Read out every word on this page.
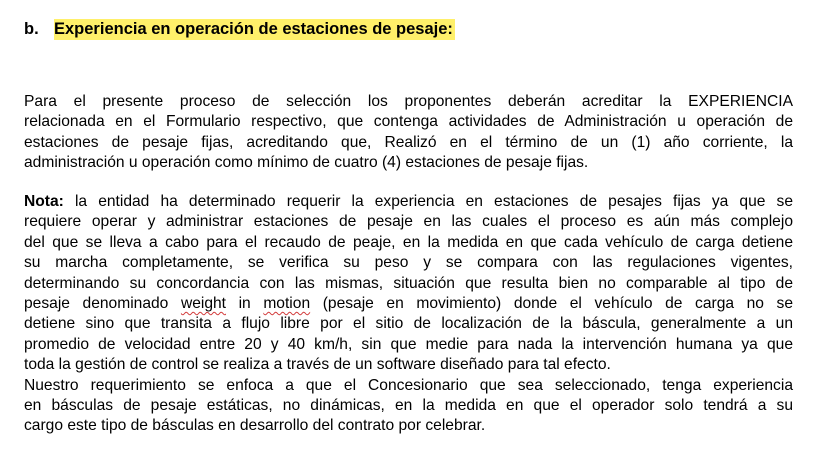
b. Experiencia en operación de estaciones de pesaje:
Para el presente proceso de selección los proponentes deberán acreditar la EXPERIENCIA
relacionada en el Formulario respectivo, que contenga actividades de Administración u operación de
estaciones de pesaje fijas, acreditando que, Realizó en el término de un (1) año corriente, la
administración u operación como mínimo de cuatro (4) estaciones de pesaje fijas.
Nota: la entidad ha determinado requerir la experiencia en estaciones de pesajes fijas ya que se
requiere operar y administrar estaciones de pesaje en las cuales el proceso es aún más complejo
del que se lleva a cabo para el recaudo de peaje, en la medida en que cada vehículo de carga detiene
su marcha completamente, se verifica su peso y se compara con las regulaciones vigentes,
determinando su concordancia con las mismas, situación que resulta bien no comparable al tipo de
pesaje denominado weight in motion (pesaje en movimiento) donde el vehículo de carga no se
detiene sino que transita a flujo libre por el sitio de localización de la báscula, generalmente a un
promedio de velocidad entre 20 y 40 km/h, sin que medie para nada la intervención humana ya que
toda la gestión de control se realiza a través de un software diseñado para tal efecto.
Nuestro requerimiento se enfoca a que el Concesionario que sea seleccionado, tenga experiencia
en básculas de pesaje estáticas, no dinámicas, en la medida en que el operador solo tendrá a su
cargo este tipo de básculas en desarrollo del contrato por celebrar.
